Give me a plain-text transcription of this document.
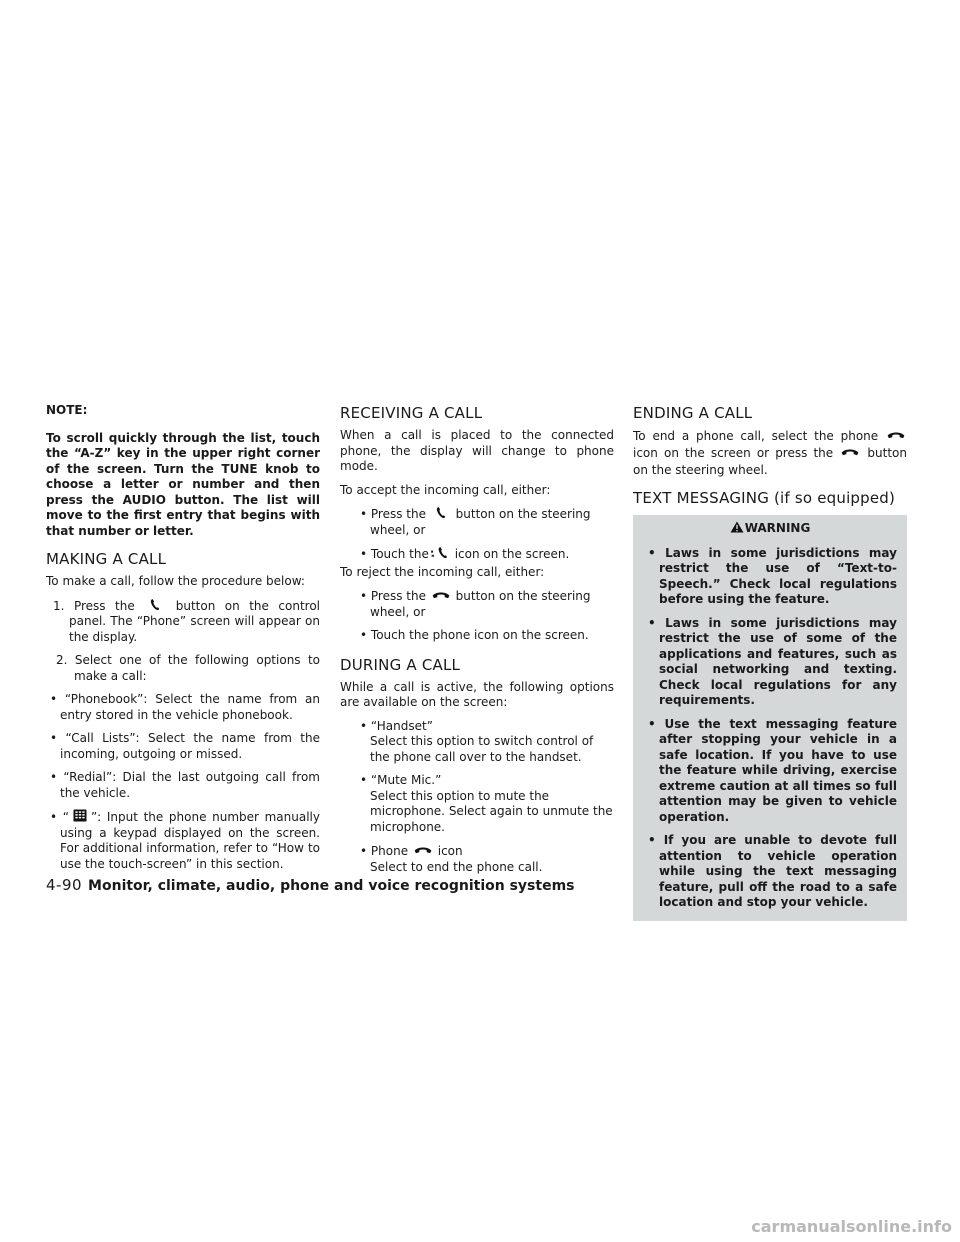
NOTE:
To scroll quickly through the list, touch the “A-Z” key in the upper right corner of the screen. Turn the TUNE knob to choose a letter or number and then press the AUDIO button. The list will move to the first entry that begins with that number or letter.
MAKING A CALL

To make a call, follow the procedure below:

1. Press the	button on the control panel. The “Phone” screen will appear on the display.
2. Select one of the following options to make a call:
• “Phonebook”: Select the name from an entry stored in the vehicle phonebook.
• “Call Lists”: Select the name from the incoming, outgoing or missed.
• “Redial”: Dial the last outgoing call from the vehicle.
• “ ”: Input the phone number manually using a keypad displayed on the screen. For additional information, refer to “How to use the touch-screen” in this section.
RECEIVING A CALL

When a call is placed to the connected phone, the display will change to phone mode.

To accept the incoming call, either:

• Press the button on the steering wheel, or
• Touch the icon on the screen.

To reject the incoming call, either:

• Press the button on the steering wheel, or
• Touch the phone icon on the screen.
DURING A CALL

While a call is active, the following options are available on the screen:

• “Handset”
Select this option to switch control of the phone call over to the handset.
• “Mute Mic.”
Select this option to mute the microphone. Select again to unmute the microphone.
• Phone icon
Select to end the phone call.
ENDING A CALL

To end a phone call, select the phone
icon on the screen or press the	button on the steering wheel.

TEXT MESSAGING (if so equipped)
WARNING
• Laws in some jurisdictions may restrict the use of “Text-to-Speech.” Check local regulations before using the feature.
• Laws in some jurisdictions may restrict the use of some of the applications and features, such as social networking and texting. Check local regulations for any requirements.
• Use the text messaging feature after stopping your vehicle in a safe location. If you have to use the feature while driving, exercise extreme caution at all times so full attention may be given to vehicle operation.
• If you are unable to devote full attention to vehicle operation while using the text messaging feature, pull off the road to a safe location and stop your vehicle.
4-90 Monitor, climate, audio, phone and voice recognition systems
carmanualsonline.info
